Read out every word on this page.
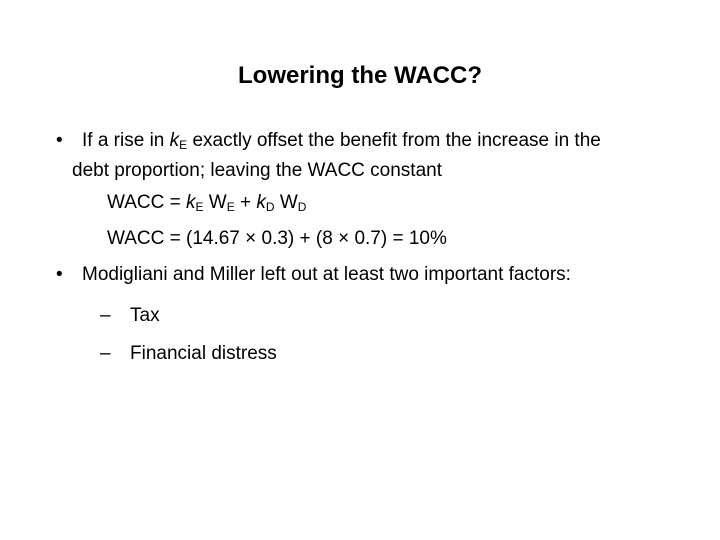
Lowering the WACC?
•	If a rise in $k_E$ exactly offset the benefit from the increase in the
debt proportion; leaving the WACC constant
WACC = $k_E$ $W_E + k_D$ $W_D$
WACC = (14.67 × 0.3) + (8 × 0.7) = 10%
•	Modigliani and Miller left out at least two important factors:
– Tax
– Financial distress
